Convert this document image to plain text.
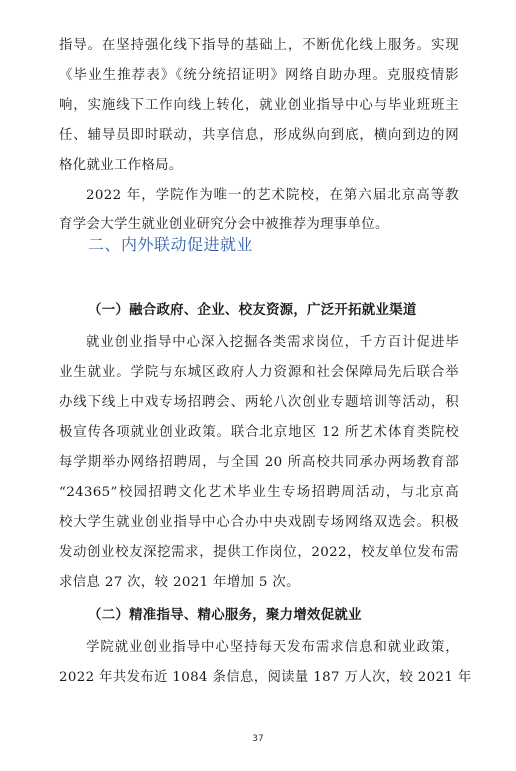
指导。在坚持强化线下指导的基础上，不断优化线上服务。实现
《毕业生推荐表》《统分统招证明》网络自助办理。克服疫情影
响，实施线下工作向线上转化，就业创业指导中心与毕业班班主
任、辅导员即时联动，共享信息，形成纵向到底，横向到边的网
格化就业工作格局。
2022 年，学院作为唯一的艺术院校，在第六届北京高等教
育学会大学生就业创业研究分会中被推荐为理事单位。
二、内外联动促进就业
（一）融合政府、企业、校友资源，广泛开拓就业渠道
就业创业指导中心深入挖掘各类需求岗位，千方百计促进毕
业生就业。学院与东城区政府人力资源和社会保障局先后联合举
办线下线上中戏专场招聘会、两轮八次创业专题培训等活动，积
极宣传各项就业创业政策。联合北京地区 12 所艺术体育类院校
每学期举办网络招聘周，与全国 20 所高校共同承办两场教育部
“24365”校园招聘文化艺术毕业生专场招聘周活动，与北京高
校大学生就业创业指导中心合办中央戏剧专场网络双选会。积极
发动创业校友深挖需求，提供工作岗位，2022，校友单位发布需
求信息 27 次，较 2021 年增加 5 次。
（二）精准指导、精心服务，聚力增效促就业
学院就业创业指导中心坚持每天发布需求信息和就业政策，
2022 年共发布近 1084 条信息，阅读量 187 万人次，较 2021 年
37
